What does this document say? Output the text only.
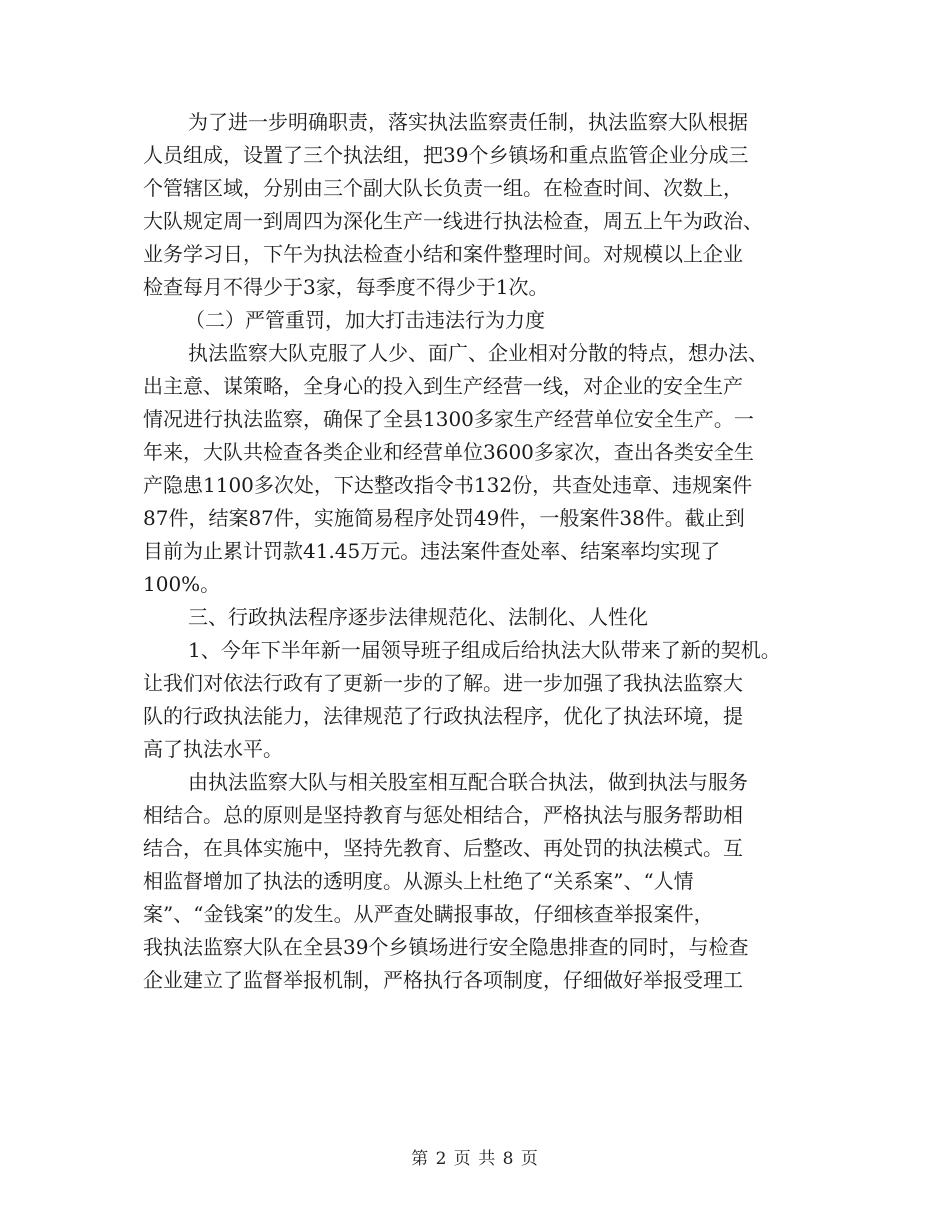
为了进一步明确职责，落实执法监察责任制，执法监察大队根据
人员组成，设置了三个执法组，把39个乡镇场和重点监管企业分成三
个管辖区域，分别由三个副大队长负责一组。在检查时间、次数上，
大队规定周一到周四为深化生产一线进行执法检查，周五上午为政治、
业务学习日，下午为执法检查小结和案件整理时间。对规模以上企业
检查每月不得少于3家，每季度不得少于1次。
（二）严管重罚，加大打击违法行为力度
执法监察大队克服了人少、面广、企业相对分散的特点，想办法、
出主意、谋策略，全身心的投入到生产经营一线，对企业的安全生产
情况进行执法监察，确保了全县1300多家生产经营单位安全生产。一
年来，大队共检查各类企业和经营单位3600多家次，查出各类安全生
产隐患1100多次处，下达整改指令书132份，共查处违章、违规案件
87件，结案87件，实施简易程序处罚49件，一般案件38件。截止到
目前为止累计罚款41.45万元。违法案件查处率、结案率均实现了
100%。
三、行政执法程序逐步法律规范化、法制化、人性化
1、今年下半年新一届领导班子组成后给执法大队带来了新的契机。
让我们对依法行政有了更新一步的了解。进一步加强了我执法监察大
队的行政执法能力，法律规范了行政执法程序，优化了执法环境，提
高了执法水平。
由执法监察大队与相关股室相互配合联合执法，做到执法与服务
相结合。总的原则是坚持教育与惩处相结合，严格执法与服务帮助相
结合，在具体实施中，坚持先教育、后整改、再处罚的执法模式。互
相监督增加了执法的透明度。从源头上杜绝了“关系案”、“人情
案”、“金钱案”的发生。从严查处瞒报事故，仔细核查举报案件，
我执法监察大队在全县39个乡镇场进行安全隐患排查的同时，与检查
企业建立了监督举报机制，严格执行各项制度，仔细做好举报受理工
第 2 页 共 8 页
